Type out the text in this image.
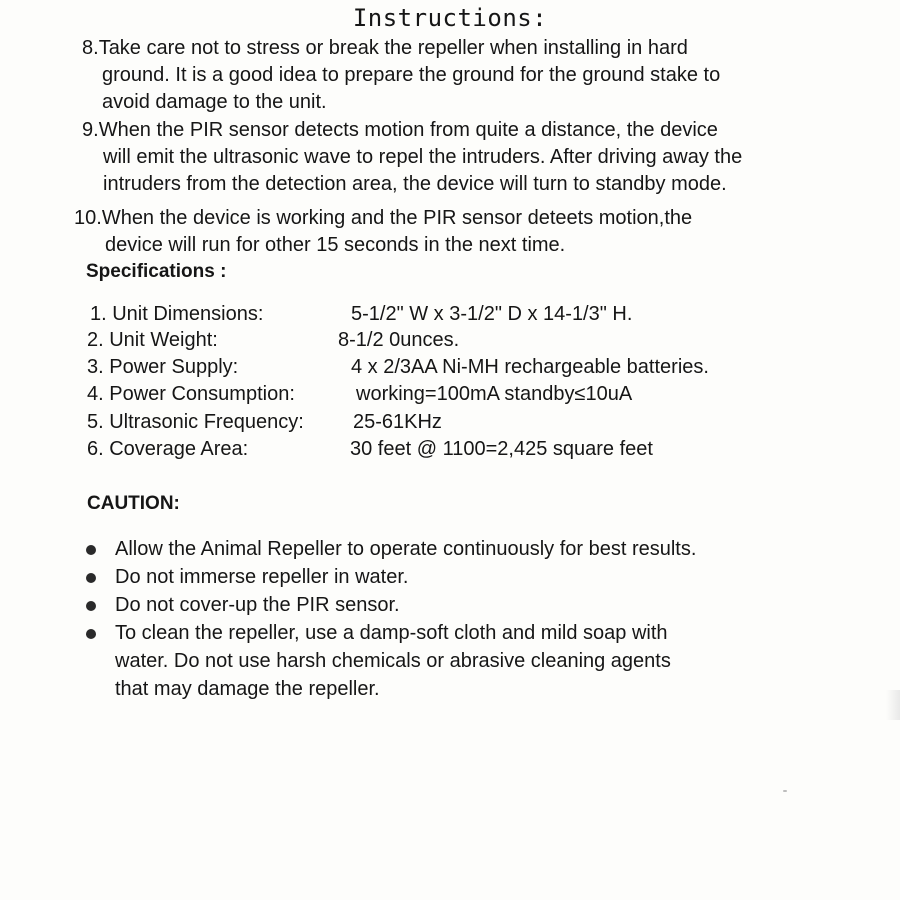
Instructions:
8.Take care not to stress or break the repeller when installing in hard
ground. It is a good idea to prepare the ground for the ground stake to
avoid damage to the unit.
9.When the PIR sensor detects motion from quite a distance, the device
will emit the ultrasonic wave to repel the intruders. After driving away the
intruders from the detection area, the device will turn to standby mode.
10.When the device is working and the PIR sensor deteets motion,the
device will run for other 15 seconds in the next time.
Specifications :
1. Unit Dimensions:	5-1/2" W x 3-1/2" D x 14-1/3" H.
2. Unit Weight:	8-1/2 0unces.
3. Power Supply:	4 x 2/3AA Ni-MH rechargeable batteries.
4. Power Consumption:	working=100mA standby≤10uA
5. Ultrasonic Frequency: 25-61KHz
6. Coverage Area:	30 feet @ 1100=2,425 square feet
CAUTION:
Allow the Animal Repeller to operate continuously for best results.
Do not immerse repeller in water.
Do not cover-up the PIR sensor.
To clean the repeller, use a damp-soft cloth and mild soap with
water. Do not use harsh chemicals or abrasive cleaning agents
that may damage the repeller.
